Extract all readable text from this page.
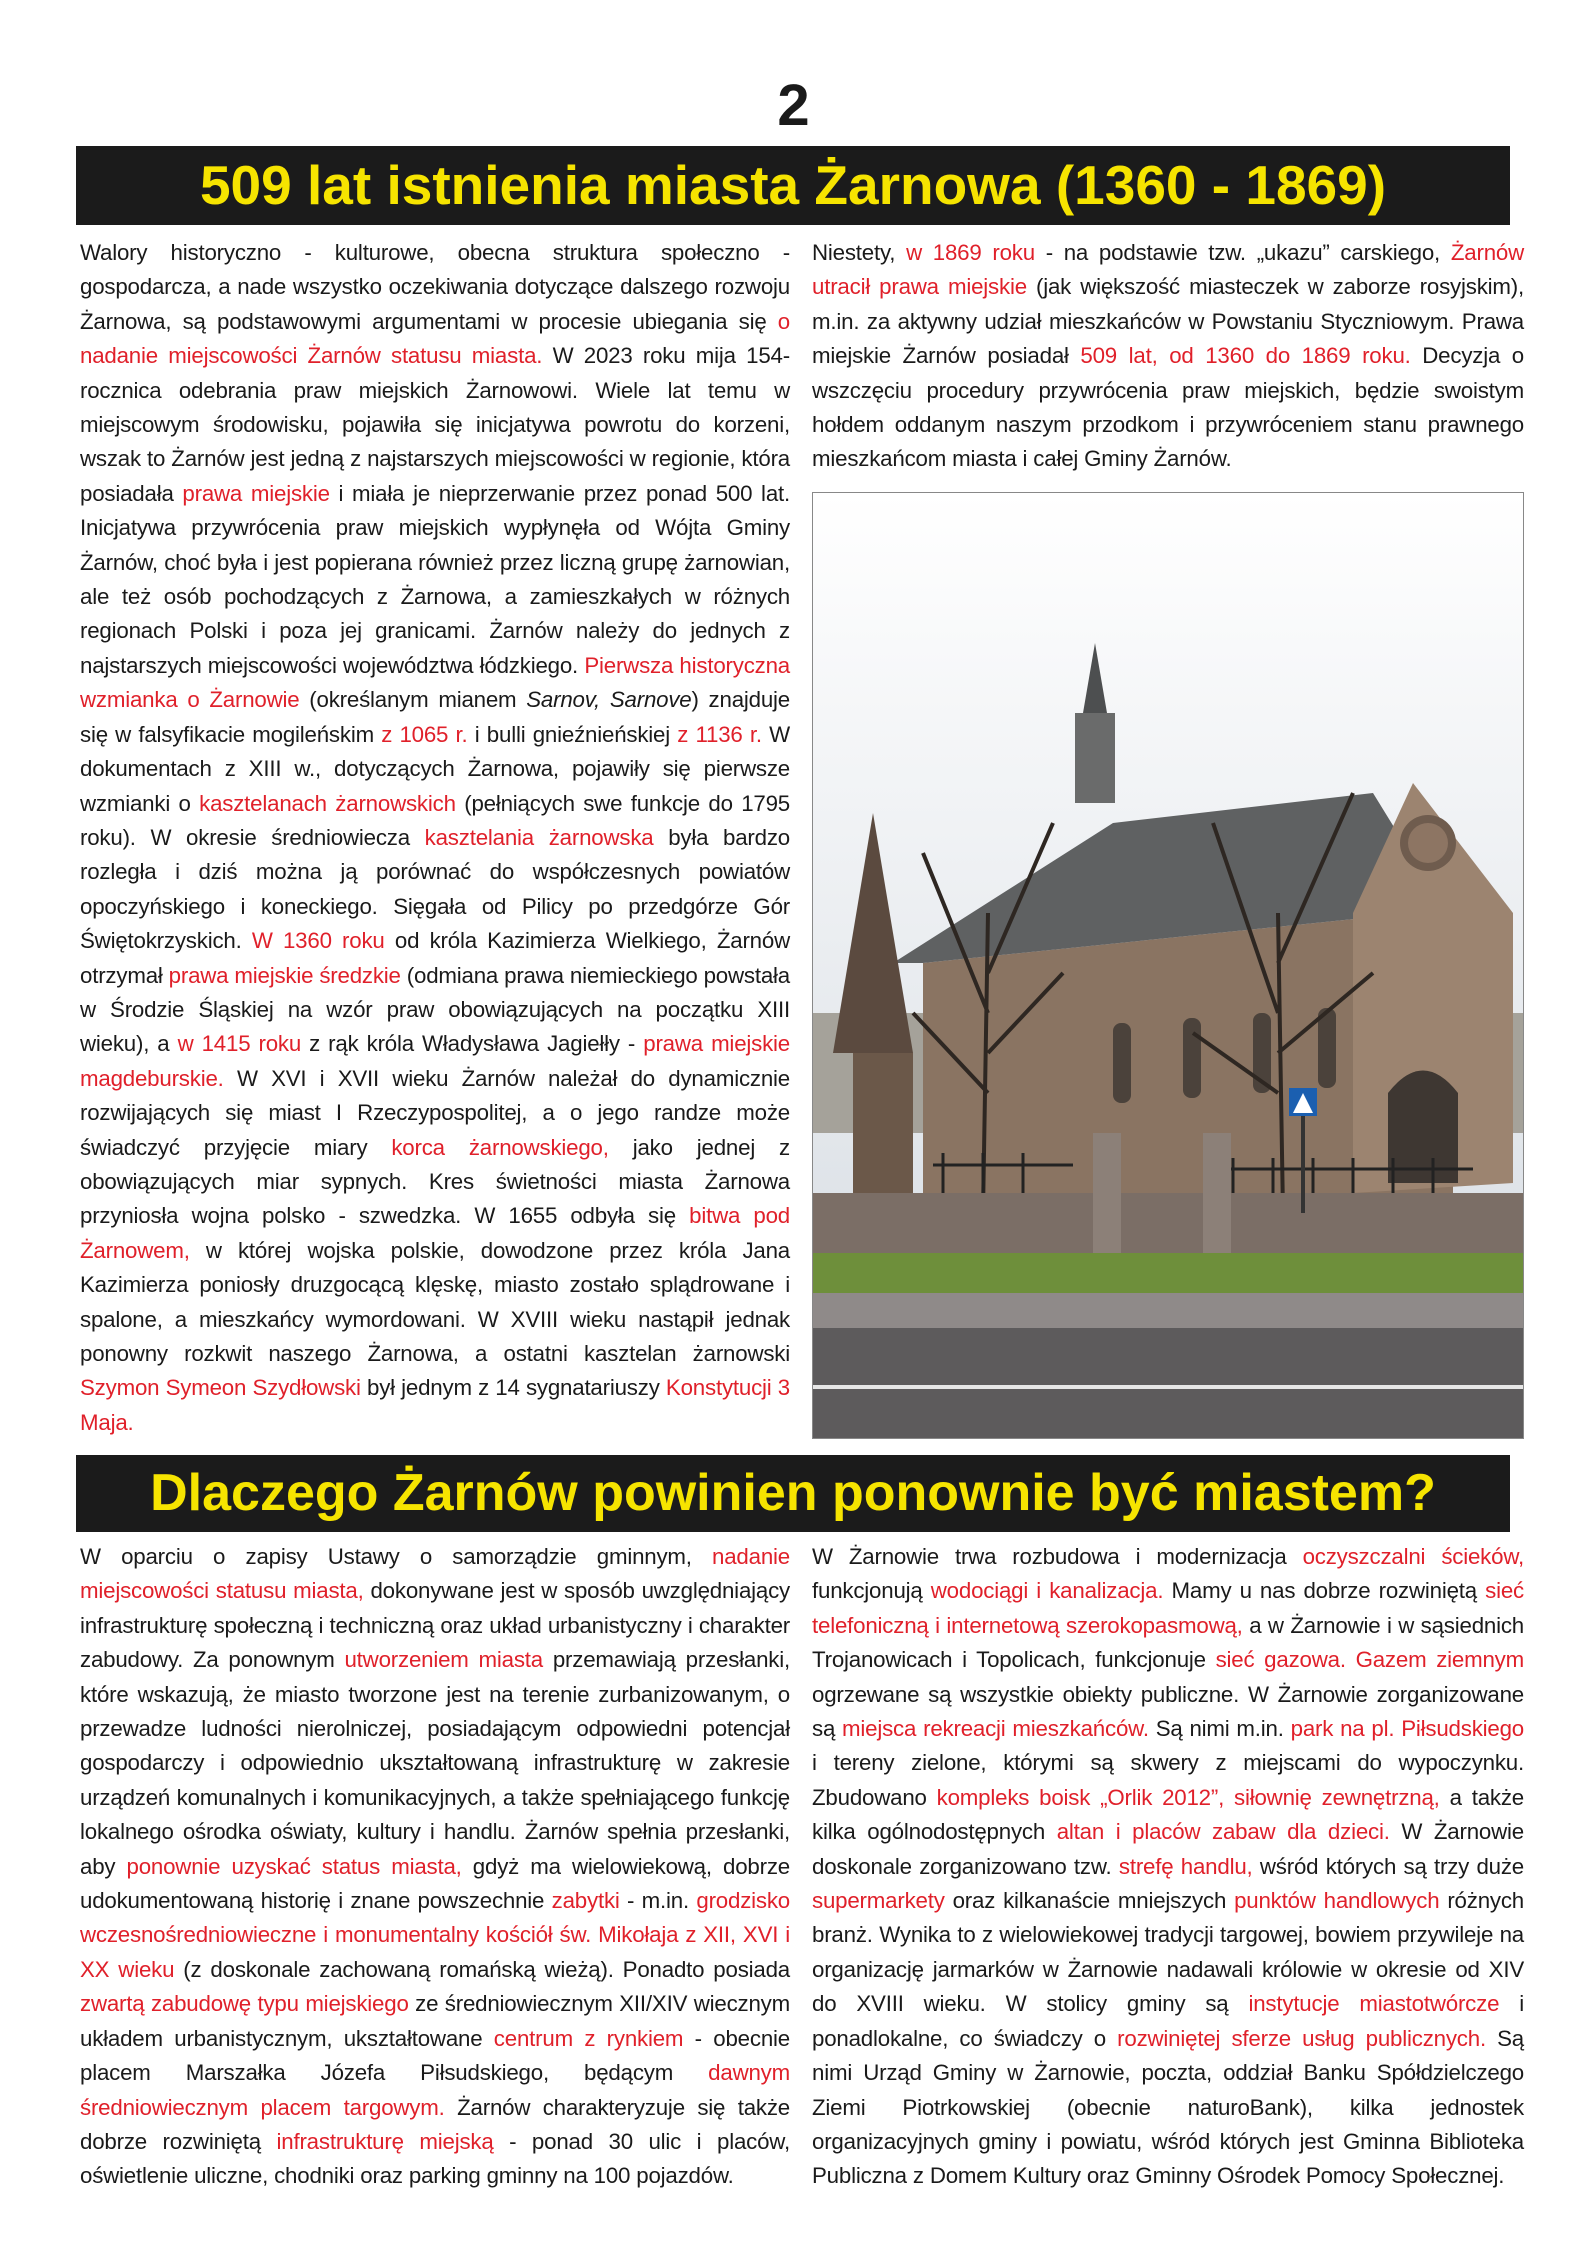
2
509 lat istnienia miasta Żarnowa (1360 - 1869)

Walory historyczno - kulturowe, obecna struktura społeczno - gospodarcza, a nade wszystko oczekiwania dotyczące dalszego rozwoju Żarnowa, są podstawowymi argumentami w procesie ubiegania się o nadanie miejscowości Żarnów statusu miasta. W 2023 roku mija 154-rocznica odebrania praw miejskich Żarnowowi. Wiele lat temu w miejscowym środowisku, pojawiła się inicjatywa powrotu do korzeni, wszak to Żarnów jest jedną z najstarszych miejscowości w regionie, która posiadała prawa miejskie i miała je nieprzerwanie przez ponad 500 lat. Inicjatywa przywrócenia praw miejskich wypłynęła od Wójta Gminy Żarnów, choć była i jest popierana również przez liczną grupę żarnowian, ale też osób pochodzących z Żarnowa, a zamieszkałych w różnych regionach Polski i poza jej granicami. Żarnów należy do jednych z najstarszych miejscowości województwa łódzkiego. Pierwsza historyczna wzmianka o Żarnowie (określanym mianem Sarnov, Sarnove) znajduje się w falsyfikacie mogileńskim z 1065 r. i bulli gnieźnieńskiej z 1136 r. W dokumentach z XIII w., dotyczących Żarnowa, pojawiły się pierwsze wzmianki o kasztelanach żarnowskich (pełniących swe funkcje do 1795 roku). W okresie średniowiecza kasztelania żarnowska była bardzo rozległa i dziś można ją porównać do współczesnych powiatów opoczyńskiego i koneckiego. Sięgała od Pilicy po przedgórze Gór Świętokrzyskich. W 1360 roku od króla Kazimierza Wielkiego, Żarnów otrzymał prawa miejskie średzkie (odmiana prawa niemieckiego powstała w Środzie Śląskiej na wzór praw obowiązujących na początku XIII wieku), a w 1415 roku z rąk króla Władysława Jagiełły - prawa miejskie magdeburskie. W XVI i XVII wieku Żarnów należał do dynamicznie rozwijających się miast I Rzeczypospolitej, a o jego randze może świadczyć przyjęcie miary korca żarnowskiego, jako jednej z obowiązujących miar sypnych. Kres świetności miasta Żarnowa przyniosła wojna polsko - szwedzka. W 1655 odbyła się bitwa pod Żarnowem, w której wojska polskie, dowodzone przez króla Jana Kazimierza poniosły druzgocącą klęskę, miasto zostało splądrowane i spalone, a mieszkańcy wymordowani. W XVIII wieku nastąpił jednak ponowny rozkwit naszego Żarnowa, a ostatni kasztelan żarnowski Szymon Symeon Szydłowski był jednym z 14 sygnatariuszy Konstytucji 3 Maja.

Niestety, w 1869 roku - na podstawie tzw. „ukazu” carskiego, Żarnów utracił prawa miejskie (jak większość miasteczek w zaborze rosyjskim), m.in. za aktywny udział mieszkańców w Powstaniu Styczniowym. Prawa miejskie Żarnów posiadał 509 lat, od 1360 do 1869 roku. Decyzja o wszczęciu procedury przywrócenia praw miejskich, będzie swoistym hołdem oddanym naszym przodkom i przywróceniem stanu prawnego mieszkańcom miasta i całej Gminy Żarnów.

Dlaczego Żarnów powinien ponownie być miastem?

W oparciu o zapisy Ustawy o samorządzie gminnym, nadanie miejscowości statusu miasta, dokonywane jest w sposób uwzględniający infrastrukturę społeczną i techniczną oraz układ urbanistyczny i charakter zabudowy. Za ponownym utworzeniem miasta przemawiają przesłanki, które wskazują, że miasto tworzone jest na terenie zurbanizowanym, o przewadze ludności nierolniczej, posiadającym odpowiedni potencjał gospodarczy i odpowiednio ukształtowaną infrastrukturę w zakresie urządzeń komunalnych i komunikacyjnych, a także spełniającego funkcję lokalnego ośrodka oświaty, kultury i handlu. Żarnów spełnia przesłanki, aby ponownie uzyskać status miasta, gdyż ma wielowiekową, dobrze udokumentowaną historię i znane powszechnie zabytki - m.in. grodzisko wczesnośredniowieczne i monumentalny kościół św. Mikołaja z XII, XVI i XX wieku (z doskonale zachowaną romańską wieżą). Ponadto posiada zwartą zabudowę typu miejskiego ze średniowiecznym XII/XIV wiecznym układem urbanistycznym, ukształtowane centrum z rynkiem - obecnie placem Marszałka Józefa Piłsudskiego, będącym dawnym średniowiecznym placem targowym. Żarnów charakteryzuje się także dobrze rozwiniętą infrastrukturę miejską - ponad 30 ulic i placów, oświetlenie uliczne, chodniki oraz parking gminny na 100 pojazdów.

W Żarnowie trwa rozbudowa i modernizacja oczyszczalni ścieków, funkcjonują wodociągi i kanalizacja. Mamy u nas dobrze rozwiniętą sieć telefoniczną i internetową szerokopasmową, a w Żarnowie i w sąsiednich Trojanowicach i Topolicach, funkcjonuje sieć gazowa. Gazem ziemnym ogrzewane są wszystkie obiekty publiczne. W Żarnowie zorganizowane są miejsca rekreacji mieszkańców. Są nimi m.in. park na pl. Piłsudskiego i tereny zielone, którymi są skwery z miejscami do wypoczynku. Zbudowano kompleks boisk „Orlik 2012”, siłownię zewnętrzną, a także kilka ogólnodostępnych altan i placów zabaw dla dzieci. W Żarnowie doskonale zorganizowano tzw. strefę handlu, wśród których są trzy duże supermarkety oraz kilkanaście mniejszych punktów handlowych różnych branż. Wynika to z wielowiekowej tradycji targowej, bowiem przywileje na organizację jarmarków w Żarnowie nadawali królowie w okresie od XIV do XVIII wieku. W stolicy gminy są instytucje miastotwórcze i ponadlokalne, co świadczy o rozwiniętej sferze usług publicznych. Są nimi Urząd Gminy w Żarnowie, poczta, oddział Banku Spółdzielczego Ziemi Piotrkowskiej (obecnie naturoBank), kilka jednostek organizacyjnych gminy i powiatu, wśród których jest Gminna Biblioteka Publiczna z Domem Kultury oraz Gminny Ośrodek Pomocy Społecznej.
